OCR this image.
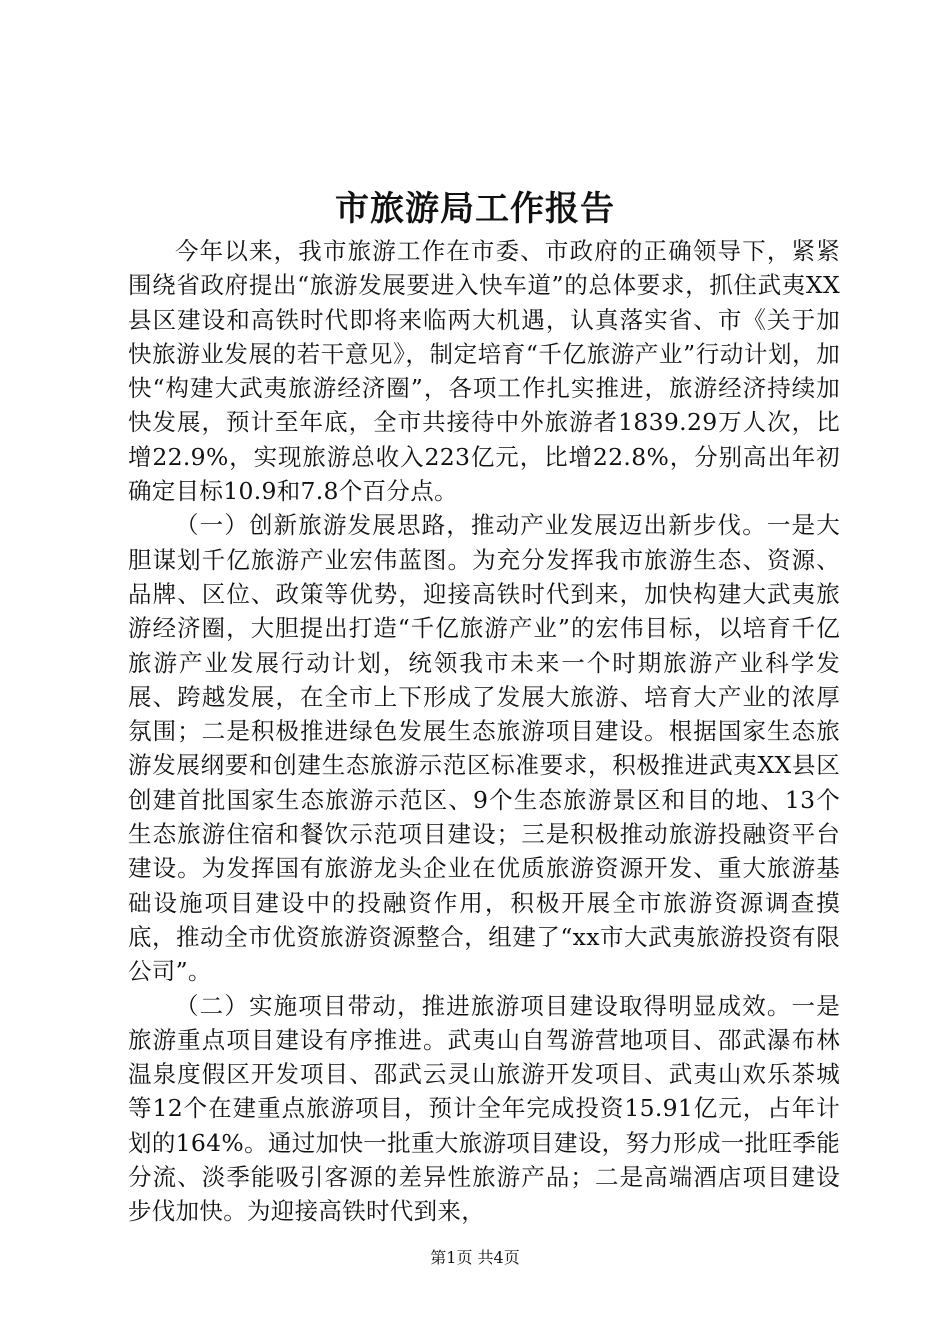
市旅游局工作报告

今年以来，我市旅游工作在市委、市政府的正确领导下，紧紧围绕省政府提出“旅游发展要进入快车道”的总体要求，抓住武夷XX县区建设和高铁时代即将来临两大机遇，认真落实省、市《关于加快旅游业发展的若干意见》，制定培育“千亿旅游产业”行动计划，加快“构建大武夷旅游经济圈”，各项工作扎实推进，旅游经济持续加快发展，预计至年底，全市共接待中外旅游者1839.29万人次，比增22.9%，实现旅游总收入223亿元，比增22.8%，分别高出年初确定目标10.9和7.8个百分点。

（一）创新旅游发展思路，推动产业发展迈出新步伐。一是大胆谋划千亿旅游产业宏伟蓝图。为充分发挥我市旅游生态、资源、品牌、区位、政策等优势，迎接高铁时代到来，加快构建大武夷旅游经济圈，大胆提出打造“千亿旅游产业”的宏伟目标，以培育千亿旅游产业发展行动计划，统领我市未来一个时期旅游产业科学发展、跨越发展，在全市上下形成了发展大旅游、培育大产业的浓厚氛围；二是积极推进绿色发展生态旅游项目建设。根据国家生态旅游发展纲要和创建生态旅游示范区标准要求，积极推进武夷XX县区创建首批国家生态旅游示范区、9个生态旅游景区和目的地、13个生态旅游住宿和餐饮示范项目建设；三是积极推动旅游投融资平台建设。为发挥国有旅游龙头企业在优质旅游资源开发、重大旅游基础设施项目建设中的投融资作用，积极开展全市旅游资源调查摸底，推动全市优资旅游资源整合，组建了“xx市大武夷旅游投资有限公司”。

（二）实施项目带动，推进旅游项目建设取得明显成效。一是旅游重点项目建设有序推进。武夷山自驾游营地项目、邵武瀑布林温泉度假区开发项目、邵武云灵山旅游开发项目、武夷山欢乐茶城等12个在建重点旅游项目，预计全年完成投资15.91亿元，占年计划的164%。通过加快一批重大旅游项目建设，努力形成一批旺季能分流、淡季能吸引客源的差异性旅游产品；二是高端酒店项目建设步伐加快。为迎接高铁时代到来，

第1页 共4页
